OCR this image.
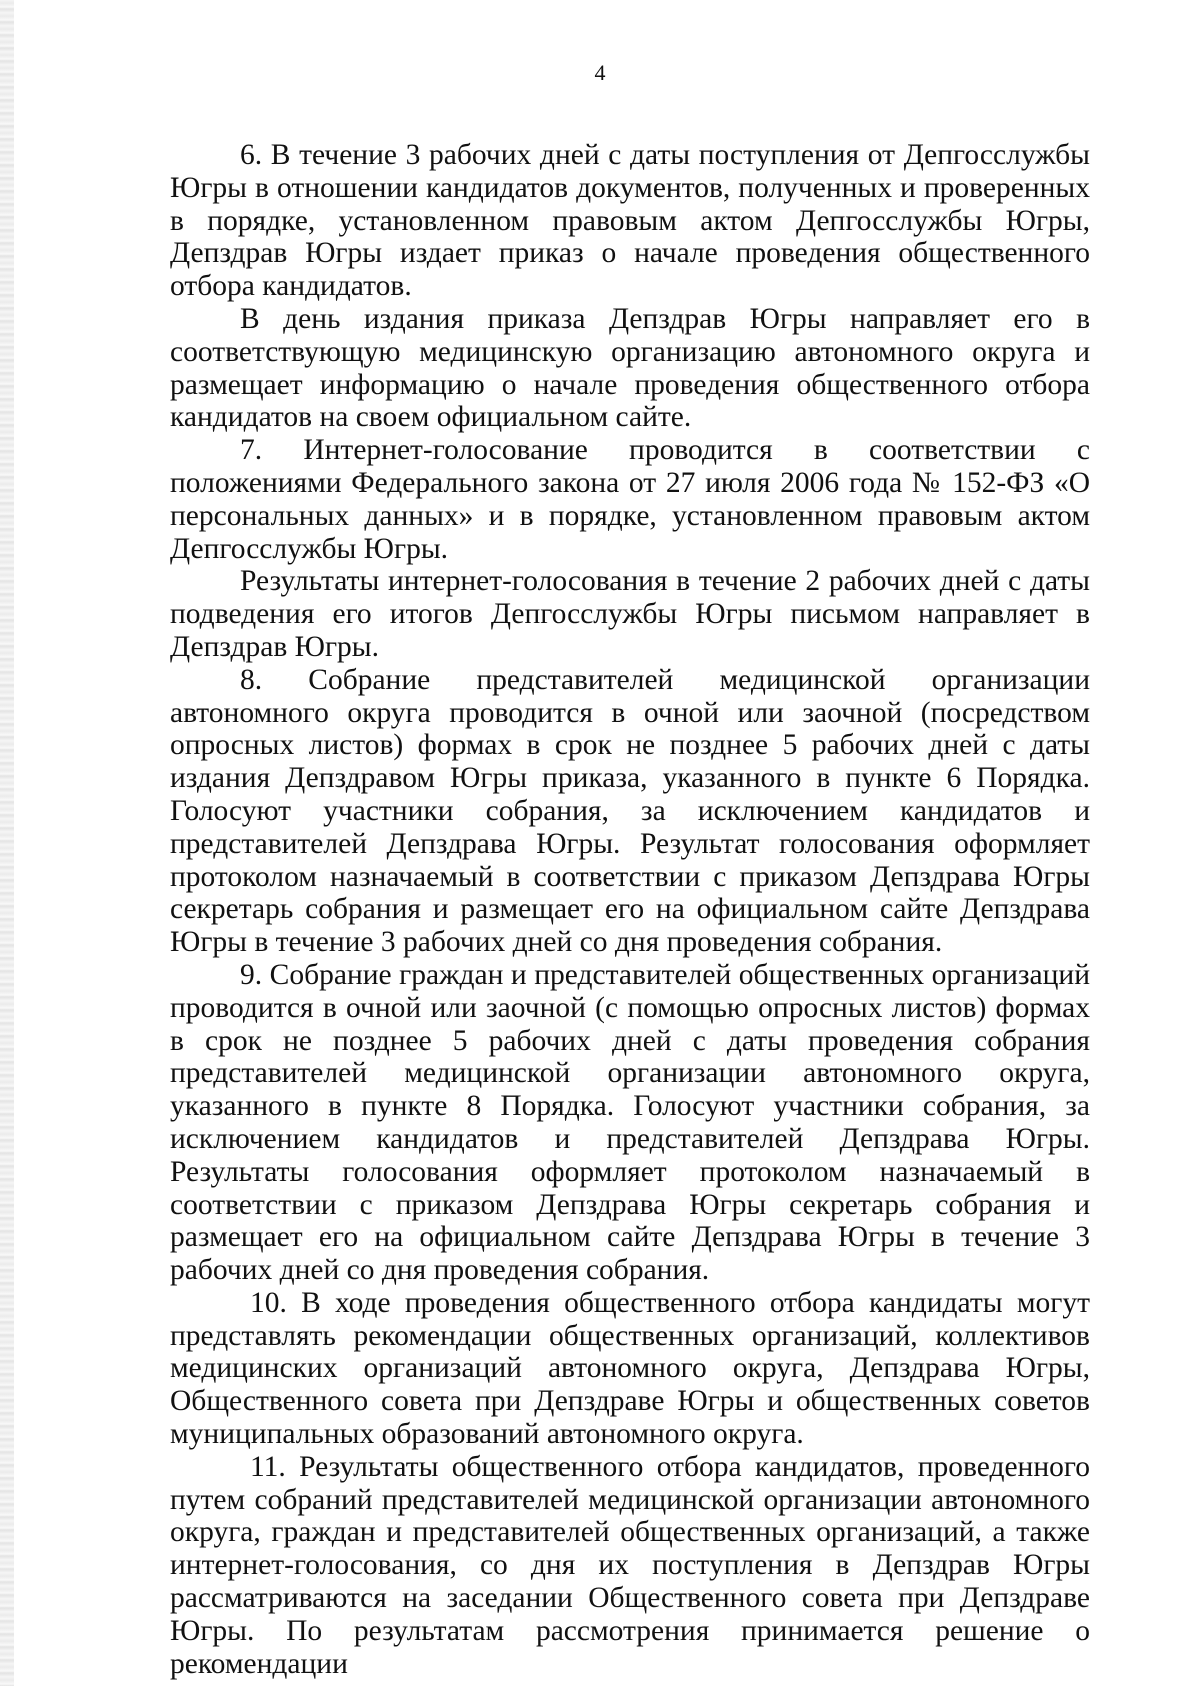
4

6. В течение 3 рабочих дней с даты поступления от Депгосслужбы Югры в отношении кандидатов документов, полученных и проверенных в порядке, установленном правовым актом Депгосслужбы Югры, Депздрав Югры издает приказ о начале проведения общественного отбора кандидатов.

В день издания приказа Депздрав Югры направляет его в соответствующую медицинскую организацию автономного округа и размещает информацию о начале проведения общественного отбора кандидатов на своем официальном сайте.

7. Интернет-голосование проводится в соответствии с положениями Федерального закона от 27 июля 2006 года № 152-ФЗ «О персональных данных» и в порядке, установленном правовым актом Депгосслужбы Югры.

Результаты интернет-голосования в течение 2 рабочих дней с даты подведения его итогов Депгосслужбы Югры письмом направляет в Депздрав Югры.

8. Собрание представителей медицинской организации автономного округа проводится в очной или заочной (посредством опросных листов) формах в срок не позднее 5 рабочих дней с даты издания Депздравом Югры приказа, указанного в пункте 6 Порядка. Голосуют участники собрания, за исключением кандидатов и представителей Депздрава Югры. Результат голосования оформляет протоколом назначаемый в соответствии с приказом Депздрава Югры секретарь собрания и размещает его на официальном сайте Депздрава Югры в течение 3 рабочих дней со дня проведения собрания.

9. Собрание граждан и представителей общественных организаций проводится в очной или заочной (с помощью опросных листов) формах в срок не позднее 5 рабочих дней с даты проведения собрания представителей медицинской организации автономного округа, указанного в пункте 8 Порядка. Голосуют участники собрания, за исключением кандидатов и представителей Депздрава Югры. Результаты голосования оформляет протоколом назначаемый в соответствии с приказом Депздрава Югры секретарь собрания и размещает его на официальном сайте Депздрава Югры в течение 3 рабочих дней со дня проведения собрания.

10. В ходе проведения общественного отбора кандидаты могут представлять рекомендации общественных организаций, коллективов медицинских организаций автономного округа, Депздрава Югры, Общественного совета при Депздраве Югры и общественных советов муниципальных образований автономного округа.

11. Результаты общественного отбора кандидатов, проведенного путем собраний представителей медицинской организации автономного округа, граждан и представителей общественных организаций, а также интернет-голосования, со дня их поступления в Депздрав Югры рассматриваются на заседании Общественного совета при Депздраве Югры. По результатам рассмотрения принимается решение о рекомендации
